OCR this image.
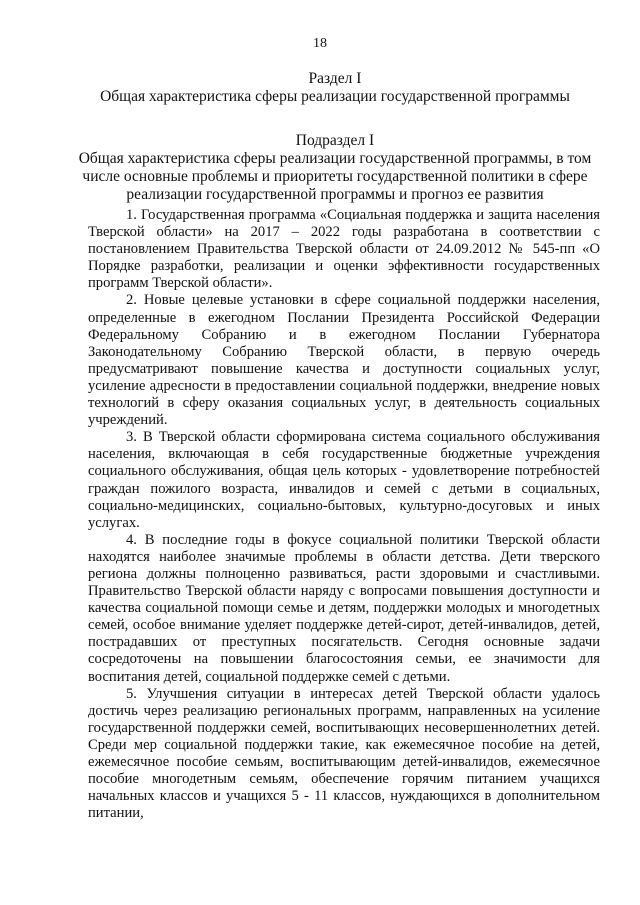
18
Раздел I
Общая характеристика сферы реализации государственной программы
Подраздел I
Общая характеристика сферы реализации государственной программы, в том числе основные проблемы и приоритеты государственной политики в сфере реализации государственной программы и прогноз ее развития

1. Государственная программа «Социальная поддержка и защита населения Тверской области» на 2017 – 2022 годы разработана в соответствии с постановлением Правительства Тверской области от 24.09.2012 № 545-пп «О Порядке разработки, реализации и оценки эффективности государственных программ Тверской области».

2. Новые целевые установки в сфере социальной поддержки населения, определенные в ежегодном Послании Президента Российской Федерации Федеральному Собранию и в ежегодном Послании Губернатора Законодательному Собранию Тверской области, в первую очередь предусматривают повышение качества и доступности социальных услуг, усиление адресности в предоставлении социальной поддержки, внедрение новых технологий в сферу оказания социальных услуг, в деятельность социальных учреждений.

3. В Тверской области сформирована система социального обслуживания населения, включающая в себя государственные бюджетные учреждения социального обслуживания, общая цель которых - удовлетворение потребностей граждан пожилого возраста, инвалидов и семей с детьми в социальных, социально-медицинских, социально-бытовых, культурно-досуговых и иных услугах.

4. В последние годы в фокусе социальной политики Тверской области находятся наиболее значимые проблемы в области детства. Дети тверского региона должны полноценно развиваться, расти здоровыми и счастливыми. Правительство Тверской области наряду с вопросами повышения доступности и качества социальной помощи семье и детям, поддержки молодых и многодетных семей, особое внимание уделяет поддержке детей-сирот, детей-инвалидов, детей, пострадавших от преступных посягательств. Сегодня основные задачи сосредоточены на повышении благосостояния семьи, ее значимости для воспитания детей, социальной поддержке семей с детьми.

5. Улучшения ситуации в интересах детей Тверской области удалось достичь через реализацию региональных программ, направленных на усиление государственной поддержки семей, воспитывающих несовершеннолетних детей. Среди мер социальной поддержки такие, как ежемесячное пособие на детей, ежемесячное пособие семьям, воспитывающим детей-инвалидов, ежемесячное пособие многодетным семьям, обеспечение горячим питанием учащихся начальных классов и учащихся 5 - 11 классов, нуждающихся в дополнительном питании,
